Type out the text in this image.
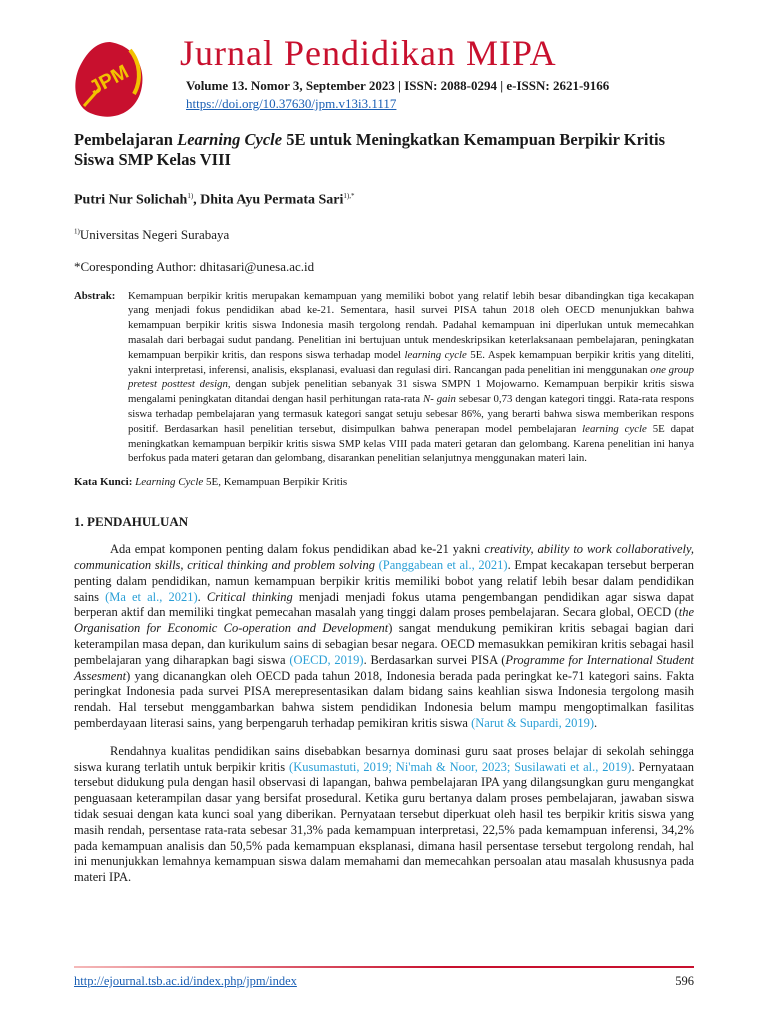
JPM
Jurnal Pendidikan MIPA
Volume 13. Nomor 3, September 2023 | ISSN: 2088-0294 | e-ISSN: 2621-9166
https://doi.org/10.37630/jpm.v13i3.1117
Pembelajaran Learning Cycle 5E untuk Meningkatkan Kemampuan Berpikir Kritis Siswa SMP Kelas VIII
Putri Nur Solichah$^{1)}$, Dhita Ayu Permata Sari$^{1),*}$
$^{1)}$Universitas Negeri Surabaya
*Coresponding Author: dhitasari@unesa.ac.id
Abstrak:	Kemampuan berpikir kritis merupakan kemampuan yang memiliki bobot yang relatif lebih besar dibandingkan tiga kecakapan yang menjadi fokus pendidikan abad ke-21. Sementara, hasil survei PISA tahun 2018 oleh OECD menunjukkan bahwa kemampuan berpikir kritis siswa Indonesia masih tergolong rendah. Padahal kemampuan ini diperlukan untuk memecahkan masalah dari berbagai sudut pandang. Penelitian ini bertujuan untuk mendeskripsikan keterlaksanaan pembelajaran, peningkatan kemampuan berpikir kritis, dan respons siswa terhadap model learning cycle 5E. Aspek kemampuan berpikir kritis yang diteliti, yakni interpretasi, inferensi, analisis, eksplanasi, evaluasi dan regulasi diri. Rancangan pada penelitian ini menggunakan one group pretest posttest design, dengan subjek penelitian sebanyak 31 siswa SMPN 1 Mojowarno. Kemampuan berpikir kritis siswa mengalami peningkatan ditandai dengan hasil perhitungan rata-rata N- gain sebesar 0,73 dengan kategori tinggi. Rata-rata respons siswa terhadap pembelajaran yang termasuk kategori sangat setuju sebesar 86%, yang berarti bahwa siswa memberikan respons positif. Berdasarkan hasil penelitian tersebut, disimpulkan bahwa penerapan model pembelajaran learning cycle 5E dapat meningkatkan kemampuan berpikir kritis siswa SMP kelas VIII pada materi getaran dan gelombang. Karena penelitian ini hanya berfokus pada materi getaran dan gelombang, disarankan penelitian selanjutnya menggunakan materi lain.
Kata Kunci: Learning Cycle 5E, Kemampuan Berpikir Kritis
1. PENDAHULUAN

Ada empat komponen penting dalam fokus pendidikan abad ke-21 yakni creativity, ability to work collaboratively, communication skills, critical thinking and problem solving (Panggabean et al., 2021). Empat kecakapan tersebut berperan penting dalam pendidikan, namun kemampuan berpikir kritis memiliki bobot yang relatif lebih besar dalam pendidikan sains (Ma et al., 2021). Critical thinking menjadi menjadi fokus utama pengembangan pendidikan agar siswa dapat berperan aktif dan memiliki tingkat pemecahan masalah yang tinggi dalam proses pembelajaran. Secara global, OECD (the Organisation for Economic Co-operation and Development) sangat mendukung pemikiran kritis sebagai bagian dari keterampilan masa depan, dan kurikulum sains di sebagian besar negara. OECD memasukkan pemikiran kritis sebagai hasil pembelajaran yang diharapkan bagi siswa (OECD, 2019). Berdasarkan survei PISA (Programme for International Student Assesment) yang dicanangkan oleh OECD pada tahun 2018, Indonesia berada pada peringkat ke-71 kategori sains. Fakta peringkat Indonesia pada survei PISA merepresentasikan dalam bidang sains keahlian siswa Indonesia tergolong masih rendah. Hal tersebut menggambarkan bahwa sistem pendidikan Indonesia belum mampu mengoptimalkan fasilitas pemberdayaan literasi sains, yang berpengaruh terhadap pemikiran kritis siswa (Narut & Supardi, 2019).

Rendahnya kualitas pendidikan sains disebabkan besarnya dominasi guru saat proses belajar di sekolah sehingga siswa kurang terlatih untuk berpikir kritis (Kusumastuti, 2019; Ni'mah & Noor, 2023; Susilawati et al., 2019). Pernyataan tersebut didukung pula dengan hasil observasi di lapangan, bahwa pembelajaran IPA yang dilangsungkan guru mengangkat penguasaan keterampilan dasar yang bersifat prosedural. Ketika guru bertanya dalam proses pembelajaran, jawaban siswa tidak sesuai dengan kata kunci soal yang diberikan. Pernyataan tersebut diperkuat oleh hasil tes berpikir kritis siswa yang masih rendah, persentase rata-rata sebesar 31,3% pada kemampuan interpretasi, 22,5% pada kemampuan inferensi, 34,2% pada kemampuan analisis dan 50,5% pada kemampuan eksplanasi, dimana hasil persentase tersebut tergolong rendah, hal ini menunjukkan lemahnya kemampuan siswa dalam memahami dan memecahkan persoalan atau masalah khususnya pada materi IPA.

http://ejournal.tsb.ac.id/index.php/jpm/index	596
